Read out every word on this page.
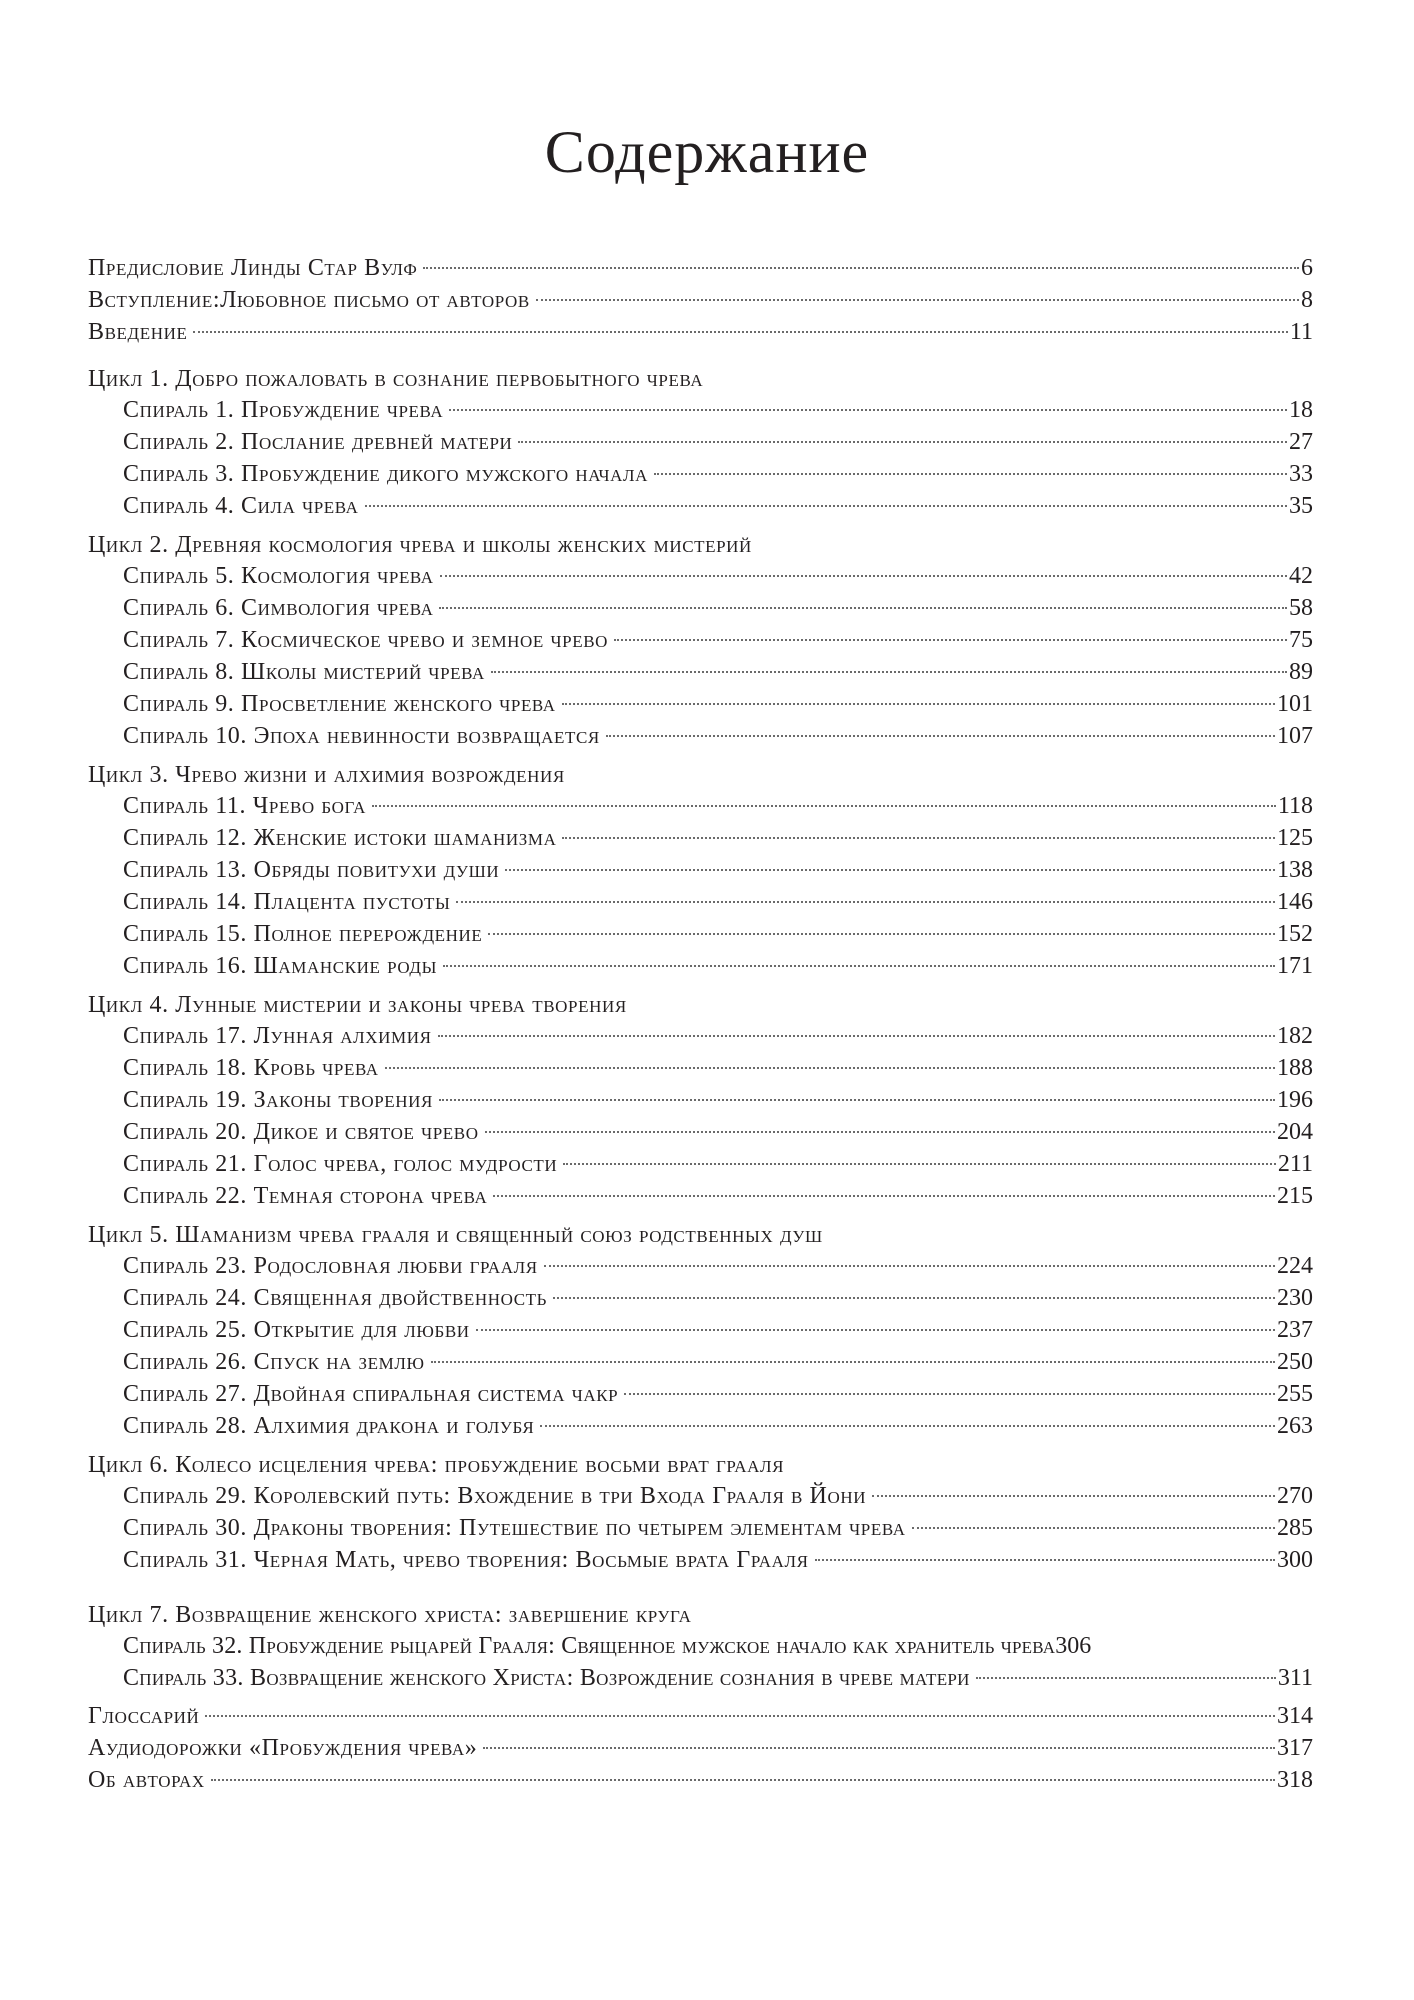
Содержание
Предисловие Линды Стар Вулф	6
Вступление:Любовное письмо от авторов	8
Введение	11
Цикл 1. Добро пожаловать в сознание первобытного чрева
Спираль 1. Пробуждение чрева	18
Спираль 2. Послание древней матери	27
Спираль 3. Пробуждение дикого мужского начала	33
Спираль 4. Сила чрева	35
Цикл 2. Древняя космология чрева и школы женских мистерий
Спираль 5. Космология чрева	42
Спираль 6. Симвология чрева	58
Спираль 7. Космическое чрево и земное чрево	75
Спираль 8. Школы мистерий чрева	89
Спираль 9. Просветление женского чрева	101
Спираль 10. Эпоха невинности возвращается	107
Цикл 3. Чрево жизни и алхимия возрождения
Спираль 11. Чрево бога	118
Спираль 12. Женские истоки шаманизма	125
Спираль 13. Обряды повитухи души	138
Спираль 14. Плацента пустоты	146
Спираль 15. Полное перерождение	152
Спираль 16. Шаманские роды	171
Цикл 4. Лунные мистерии и законы чрева творения
Спираль 17. Лунная алхимия	182
Спираль 18. Кровь чрева	188
Спираль 19. Законы творения	196
Спираль 20. Дикое и святое чрево	204
Спираль 21. Голос чрева, голос мудрости	211
Спираль 22. Темная сторона чрева	215
Цикл 5. Шаманизм чрева грааля и священный союз родственных душ
Спираль 23. Родословная любви грааля	224
Спираль 24. Священная двойственность	230
Спираль 25. Открытие для любви	237
Спираль 26. Спуск на землю	250
Спираль 27. Двойная спиральная система чакр	255
Спираль 28. Алхимия дракона и голубя	263
Цикл 6. Колесо исцеления чрева: пробуждение восьми врат грааля
Спираль 29. Королевский путь: Вхождение в три Входа Грааля в Йони	270
Спираль 30. Драконы творения: Путешествие по четырем элементам чрева	285
Спираль 31. Черная Мать, чрево творения: Восьмые врата Грааля	300
Цикл 7. Возвращение женского христа: завершение круга
Спираль 32. Пробуждение рыцарей Грааля: Священное мужское начало как хранитель чрева 306
Спираль 33. Возвращение женского Христа: Возрождение сознания в чреве матери	311
Глоссарий	314
Аудиодорожки «Пробуждения чрева»	317
Об авторах	318
